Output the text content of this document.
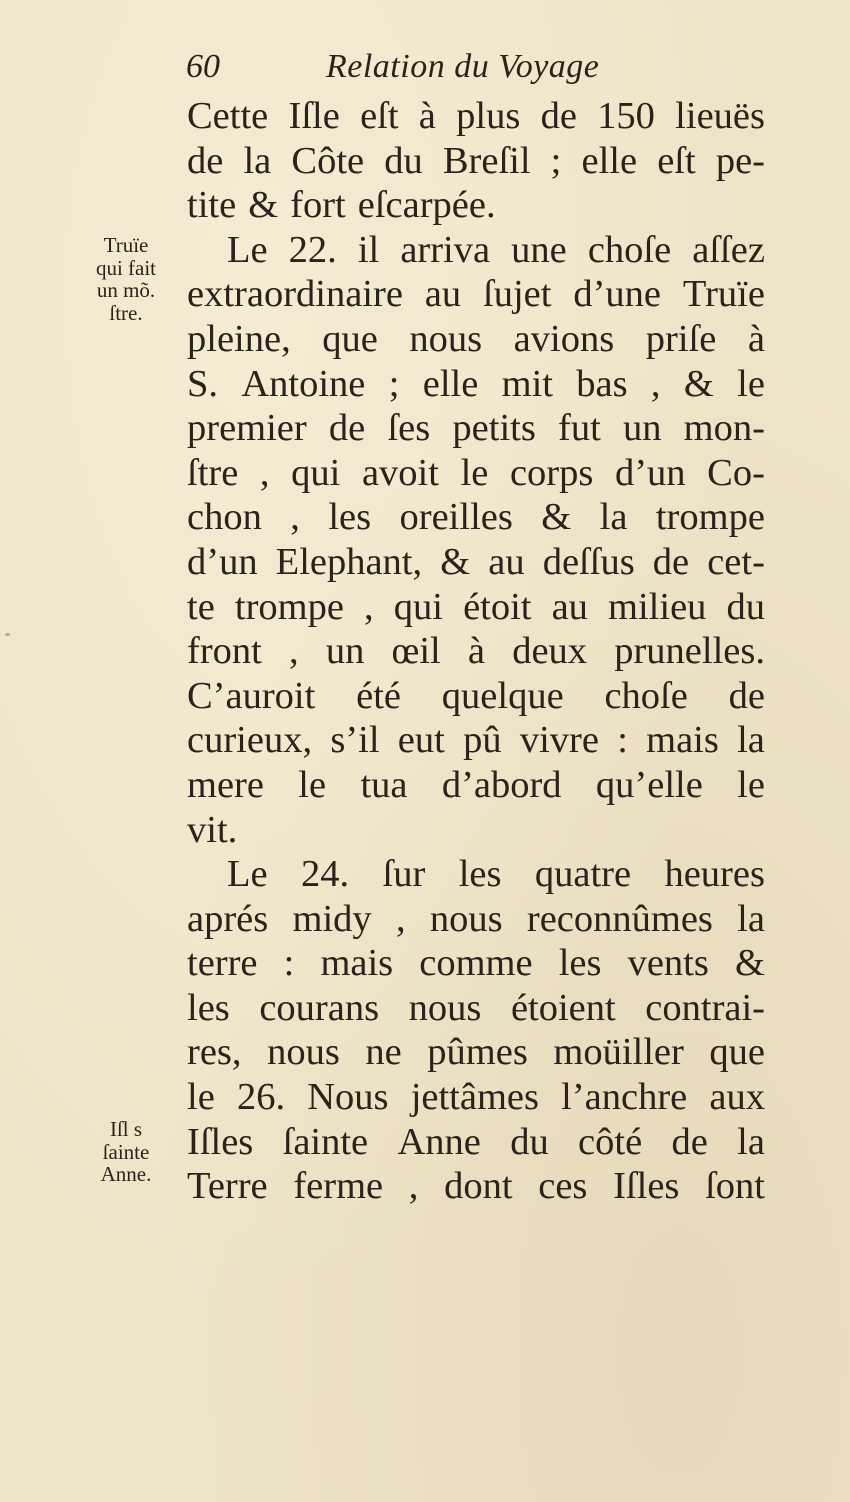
60	Relation du Voyage
Truïe
qui fait
un mõ.
ſtre.
Iſl s
ſainte
Anne.
Cette Iſle eſt à plus de 150 lieuës
de la Côte du Breſil ; elle eſt pe-
tite & fort eſcarpée.
Le 22. il arriva une choſe aſſez
extraordinaire au ſujet d’une Truïe
pleine, que nous avions priſe à
S. Antoine ; elle mit bas , & le
premier de ſes petits fut un mon-
ſtre , qui avoit le corps d’un Co-
chon , les oreilles & la trompe
d’un Elephant, & au deſſus de cet-
te trompe , qui étoit au milieu du
front , un œil à deux prunelles.
C’auroit été quelque choſe de
curieux, s’il eut pû vivre : mais la
mere le tua d’abord qu’elle le
vit.
Le 24. ſur les quatre heures
aprés midy , nous reconnûmes la
terre : mais comme les vents &
les courans nous étoient contrai-
res, nous ne pûmes moüiller que
le 26. Nous jettâmes l’anchre aux
Iſles ſainte Anne du côté de la
Terre ferme , dont ces Iſles ſont
